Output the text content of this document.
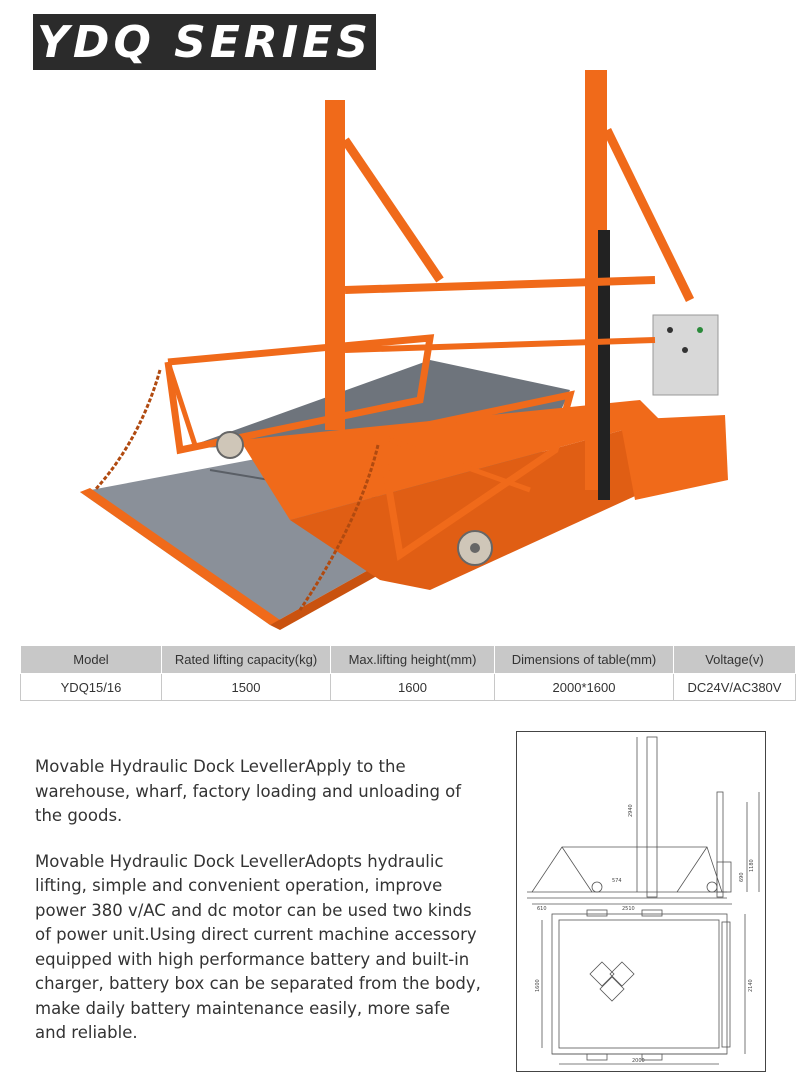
YDQ SERIES
Model	Rated lifting capacity(kg)	Max.lifting height(mm)	Dimensions of table(mm)	Voltage(v)
YDQ15/16	1500	1600	2000*1600	DC24V/AC380V

Movable Hydraulic Dock LevellerApply to the warehouse, wharf, factory loading and unloading of the goods.

Movable Hydraulic Dock LevellerAdopts hydraulic lifting, simple and convenient operation, improve power 380 v/AC and dc motor can be used two kinds of power unit.Using direct current machine accessory equipped with high performance battery and built-in charger, battery box can be separated from the body, make daily battery maintenance easily, more safe and reliable.

2940
1180
690
574
2510
610
1600	2140
2000
